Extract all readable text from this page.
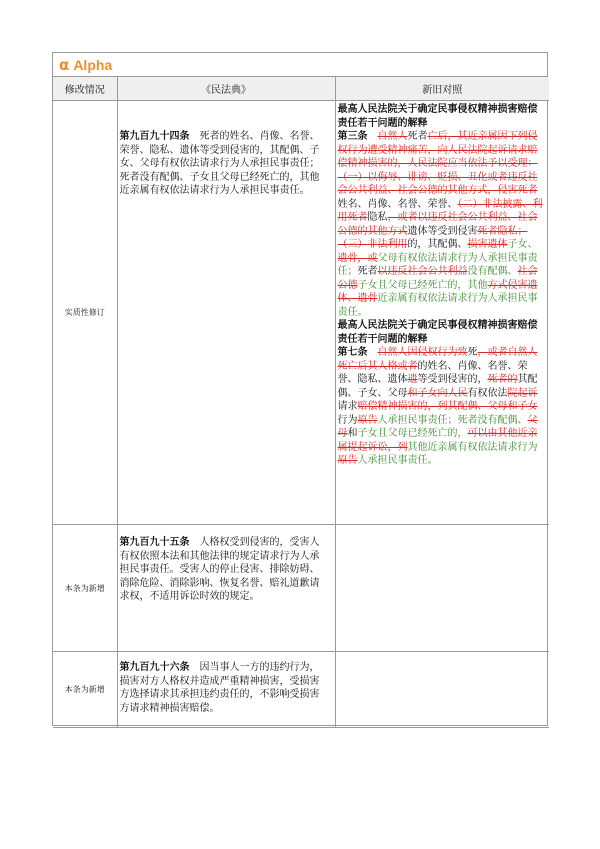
α Alpha
修改情况	《民法典》	新旧对照
实质性修订	第九百九十四条　死者的姓名、肖像、名誉、荣誉、隐私、遗体等受到侵害的，其配偶、子女、父母有权依法请求行为人承担民事责任；死者没有配偶、子女且父母已经死亡的，其他近亲属有权依法请求行为人承担民事责任。	最高人民法院关于确定民事侵权精神损害赔偿责任若干问题的解释
第三条　 自然人死者亡后，其近亲属因下列侵权行为遭受精神痛苦，向人民法院起诉请求赔偿精神损害的，人民法院应当依法予以受理：（一）以侮辱、诽谤、贬损、丑化或者违反社会公共利益、社会公德的其他方式，侵害死者姓名、肖像、名誉、荣誉、（二）非法披露、利用死者隐私，或者以违反社会公共利益、社会公德的其他方式遗体等受到侵害死者隐私；（三）非法利用的，其配偶、损害遗体子女、遗骨，或父母有权依法请求行为人承担民事责任；死者以违反社会公共利益没有配偶、社会公德子女且父母已经死亡的，其他方式侵害遗体、遗骨近亲属有权依法请求行为人承担民事责任。
最高人民法院关于确定民事侵权精神损害赔偿责任若干问题的解释
第七条　 自然人因侵权行为致死，或者自然人死亡后其人格或者的姓名、肖像、名誉、荣誉、隐私、遗体遗等受到侵害的，死者的其配偶、子女、父母和子女向人民有权依法院起诉请求赔偿精神损害的，列其配偶、父母和子女行为原告人承担民事责任；死者没有配偶、父母和子女且父母已经死亡的，可以由其他近亲属提起诉讼，列其他近亲属有权依法请求行为原告人承担民事责任。

本条为新增	第九百九十五条　人格权受到侵害的，受害人有权依照本法和其他法律的规定请求行为人承担民事责任。受害人的停止侵害、排除妨碍、消除危险、消除影响、恢复名誉、赔礼道歉请求权，不适用诉讼时效的规定。	

本条为新增	第九百九十六条　因当事人一方的违约行为，损害对方人格权并造成严重精神损害，受损害方选择请求其承担违约责任的，不影响受损害方请求精神损害赔偿。	
